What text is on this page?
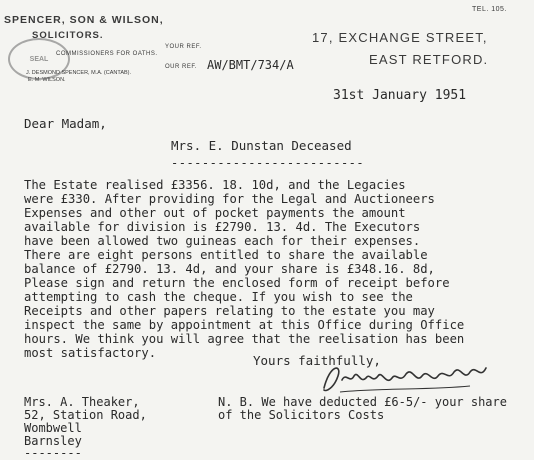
SPENCER, SON & WILSON,
SOLICITORS.
SEAL
COMMISSIONERS FOR OATHS.
J. DESMOND SPENCER, M.A. (CANTAB).
E. M. WILSON.
TEL. 105.
YOUR REF.
OUR REF. AW/BMT/734/A
17, EXCHANGE STREET,
EAST RETFORD.
31st January 1951
Dear Madam,
Mrs. E. Dunstan Deceased
-------------------------
The Estate realised £3356. 18. 10d, and the Legacies
were £330. After providing for the Legal and Auctioneers
Expenses and other out of pocket payments the amount
available for division is £2790. 13. 4d. The Executors
have been allowed two guineas each for their expenses.
There are eight persons entitled to share the available
balance of £2790. 13. 4d, and your share is £348.16. 8d,
Please sign and return the enclosed form of receipt before
attempting to cash the cheque. If you wish to see the
Receipts and other papers relating to the estate you may
inspect the same by appointment at this Office during Office
hours. We think you will agree that the reelisation has been
most satisfactory.	Yours faithfully,
Mrs. A. Theaker,
52, Station Road,
Wombwell
Barnsley
--------
N. B. We have deducted £6-5/- your share
of the Solicitors Costs
